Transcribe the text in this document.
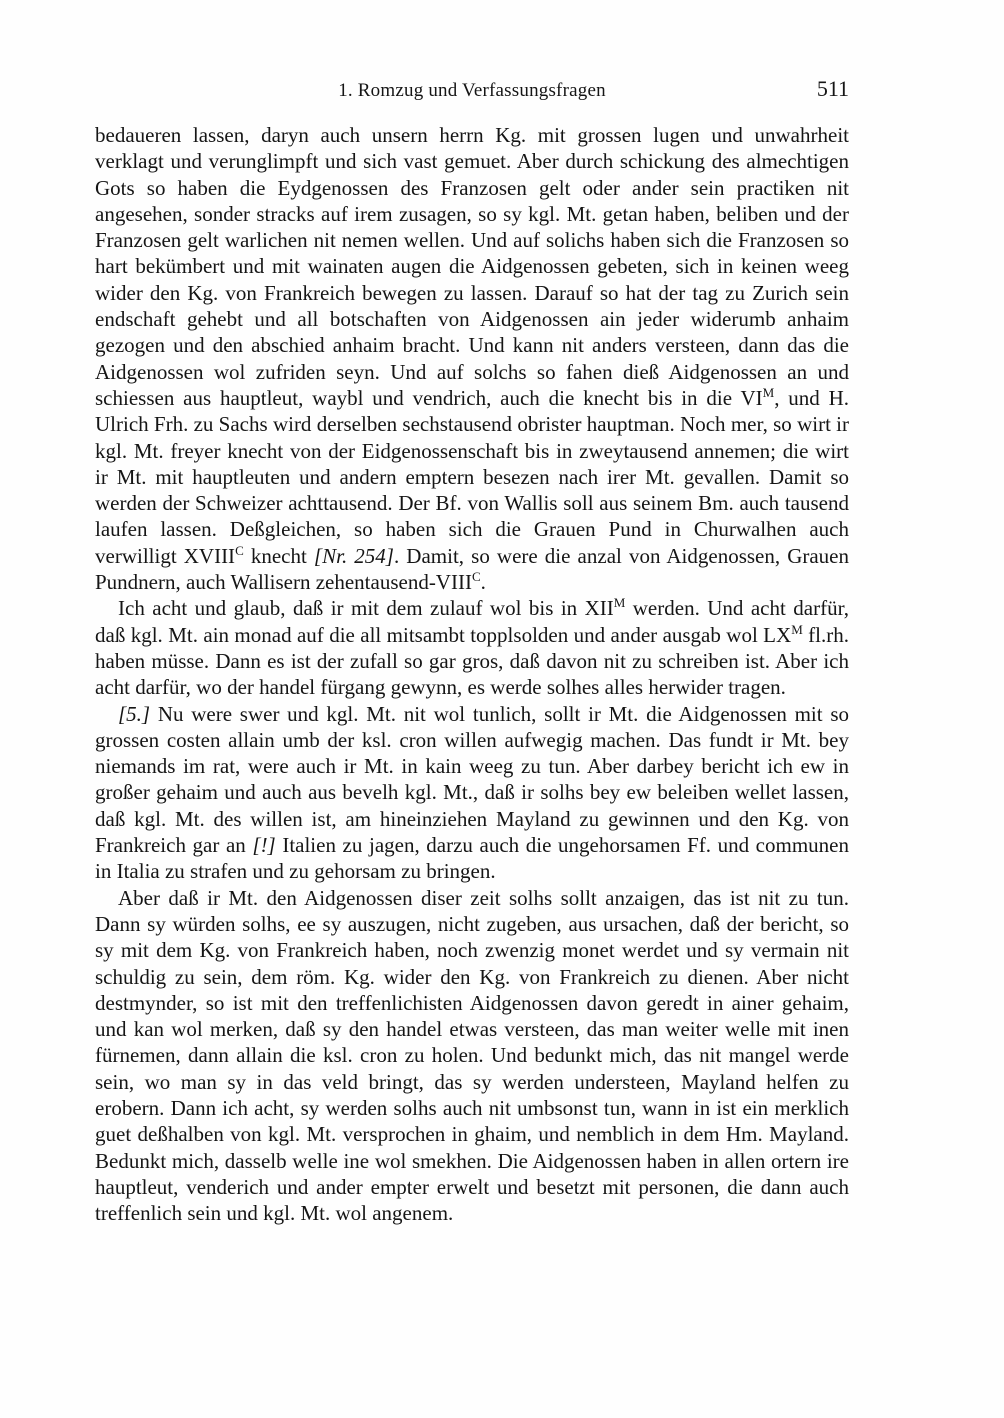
1. Romzug und Verfassungsfragen	511

bedaueren lassen, daryn auch unsern herrn Kg. mit grossen lugen und unwahrheit verklagt und verunglimpft und sich vast gemuet. Aber durch schickung des almechtigen Gots so haben die Eydgenossen des Franzosen gelt oder ander sein practiken nit angesehen, sonder stracks auf irem zusagen, so sy kgl. Mt. getan haben, beliben und der Franzosen gelt warlichen nit nemen wellen. Und auf solichs haben sich die Franzosen so hart bekümbert und mit wainaten augen die Aidgenossen gebeten, sich in keinen weeg wider den Kg. von Frankreich bewegen zu lassen. Darauf so hat der tag zu Zurich sein endschaft gehebt und all botschaften von Aidgenossen ain jeder widerumb anhaim gezogen und den abschied anhaim bracht. Und kann nit anders versteen, dann das die Aidgenossen wol zufriden seyn. Und auf solchs so fahen dieß Aidgenossen an und schiessen aus hauptleut, waybl und vendrich, auch die knecht bis in die $VI^M$, und H. Ulrich Frh. zu Sachs wird derselben sechstausend obrister hauptman. Noch mer, so wirt ir kgl. Mt. freyer knecht von der Eidgenossenschaft bis in zweytausend annemen; die wirt ir Mt. mit hauptleuten und andern emptern besezen nach irer Mt. gevallen. Damit so werden der Schweizer achttausend. Der Bf. von Wallis soll aus seinem Bm. auch tausend laufen lassen. Deßgleichen, so haben sich die Grauen Pund in Churwalhen auch verwilligt $XVIII^C$ knecht [Nr. 254]. Damit, so were die anzal von Aidgenossen, Grauen Pundnern, auch Wallisern zehentausend-$VIII^C$.

Ich acht und glaub, daß ir mit dem zulauf wol bis in $XII^M$ werden. Und acht darfür, daß kgl. Mt. ain monad auf die all mitsambt topplsolden und ander ausgab wol $LX^M$ fl.rh. haben müsse. Dann es ist der zufall so gar gros, daß davon nit zu schreiben ist. Aber ich acht darfür, wo der handel fürgang gewynn, es werde solhes alles herwider tragen.

[5.] Nu were swer und kgl. Mt. nit wol tunlich, sollt ir Mt. die Aidgenossen mit so grossen costen allain umb der ksl. cron willen aufwegig machen. Das fundt ir Mt. bey niemands im rat, were auch ir Mt. in kain weeg zu tun. Aber darbey bericht ich ew in großer gehaim und auch aus bevelh kgl. Mt., daß ir solhs bey ew beleiben wellet lassen, daß kgl. Mt. des willen ist, am hineinziehen Mayland zu gewinnen und den Kg. von Frankreich gar an [!] Italien zu jagen, darzu auch die ungehorsamen Ff. und communen in Italia zu strafen und zu gehorsam zu bringen.

Aber daß ir Mt. den Aidgenossen diser zeit solhs sollt anzaigen, das ist nit zu tun. Dann sy würden solhs, ee sy auszugen, nicht zugeben, aus ursachen, daß der bericht, so sy mit dem Kg. von Frankreich haben, noch zwenzig monet werdet und sy vermain nit schuldig zu sein, dem röm. Kg. wider den Kg. von Frankreich zu dienen. Aber nicht destmynder, so ist mit den treffenlichisten Aidgenossen davon geredt in ainer gehaim, und kan wol merken, daß sy den handel etwas versteen, das man weiter welle mit inen fürnemen, dann allain die ksl. cron zu holen. Und bedunkt mich, das nit mangel werde sein, wo man sy in das veld bringt, das sy werden understeen, Mayland helfen zu erobern. Dann ich acht, sy werden solhs auch nit umbsonst tun, wann in ist ein merklich guet deßhalben von kgl. Mt. versprochen in ghaim, und nemblich in dem Hm. Mayland. Bedunkt mich, dasselb welle ine wol smekhen. Die Aidgenossen haben in allen ortern ire hauptleut, venderich und ander empter erwelt und besetzt mit personen, die dann auch treffenlich sein und kgl. Mt. wol angenem.
